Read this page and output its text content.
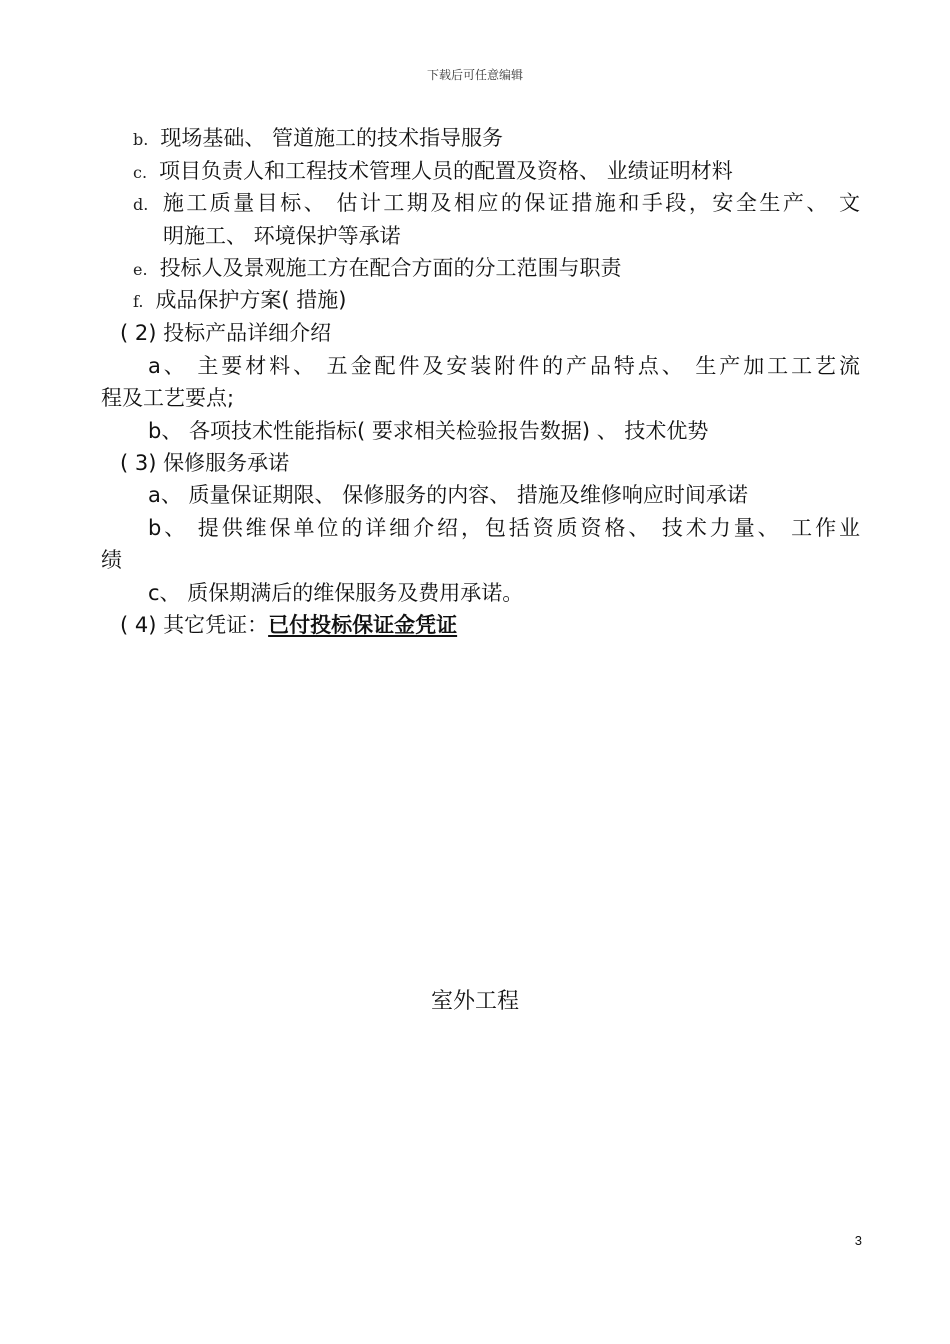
下载后可任意编辑
b. 现场基础、 管道施工的技术指导服务
c. 项目负责人和工程技术管理人员的配置及资格、 业绩证明材料
d. 施工质量目标、 估计工期及相应的保证措施和手段，安全生产、 文
明施工、 环境保护等承诺
e. 投标人及景观施工方在配合方面的分工范围与职责
f. 成品保护方案( 措施)
( 2) 投标产品详细介绍
a、 主要材料、 五金配件及安装附件的产品特点、 生产加工工艺流
程及工艺要点;
b、 各项技术性能指标( 要求相关检验报告数据) 、 技术优势
( 3) 保修服务承诺
a、 质量保证期限、 保修服务的内容、 措施及维修响应时间承诺
b、 提供维保单位的详细介绍，包括资质资格、 技术力量、 工作业
绩
c、 质保期满后的维保服务及费用承诺。
( 4) 其它凭证：已付投标保证金凭证
室外工程
3
